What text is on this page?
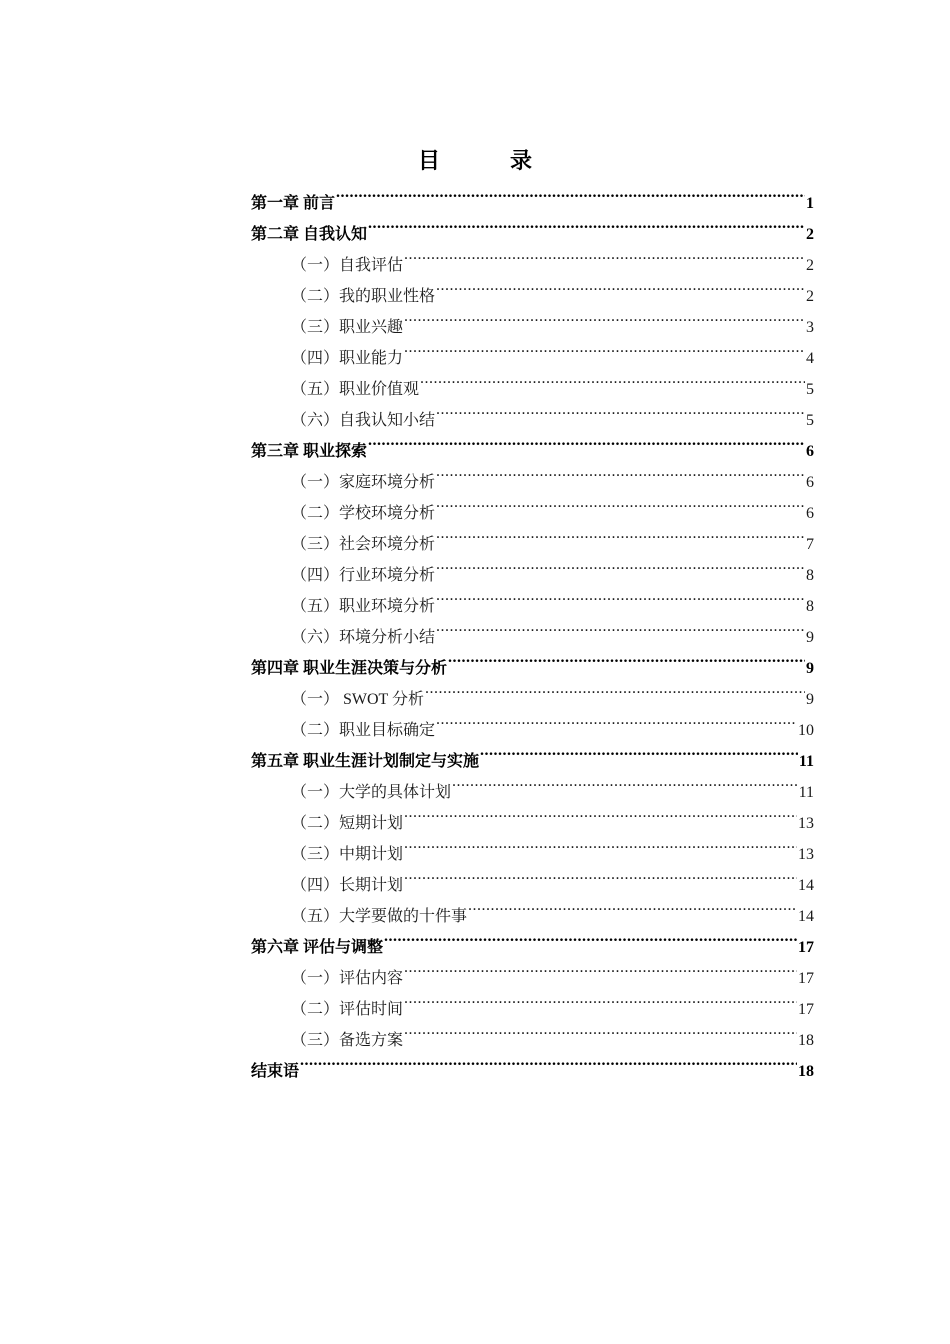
目　录
第一章 前言 .....	1
第二章 自我认知 .....	2
（一）自我评估 .....	2
（二）我的职业性格 .....	2
（三）职业兴趣 .....	3
（四）职业能力 .....	4
（五）职业价值观 .....	5
（六）自我认知小结 .....	5
第三章 职业探索 .....	6
（一）家庭环境分析 .....	6
（二）学校环境分析 .....	6
（三）社会环境分析 .....	7
（四）行业环境分析 .....	8
（五）职业环境分析 .....	8
（六）环境分析小结 .....	9
第四章 职业生涯决策与分析 .....	9
（一） SWOT 分析 .....	9
（二）职业目标确定 .....	10
第五章 职业生涯计划制定与实施 .....	11
（一）大学的具体计划 .....	11
（二）短期计划 .....	13
（三）中期计划 .....	13
（四）长期计划 .....	14
（五）大学要做的十件事 .....	14
第六章 评估与调整 .....	17
（一）评估内容 .....	17
（二）评估时间 .....	17
（三）备选方案 .....	18
结束语 .....	18
